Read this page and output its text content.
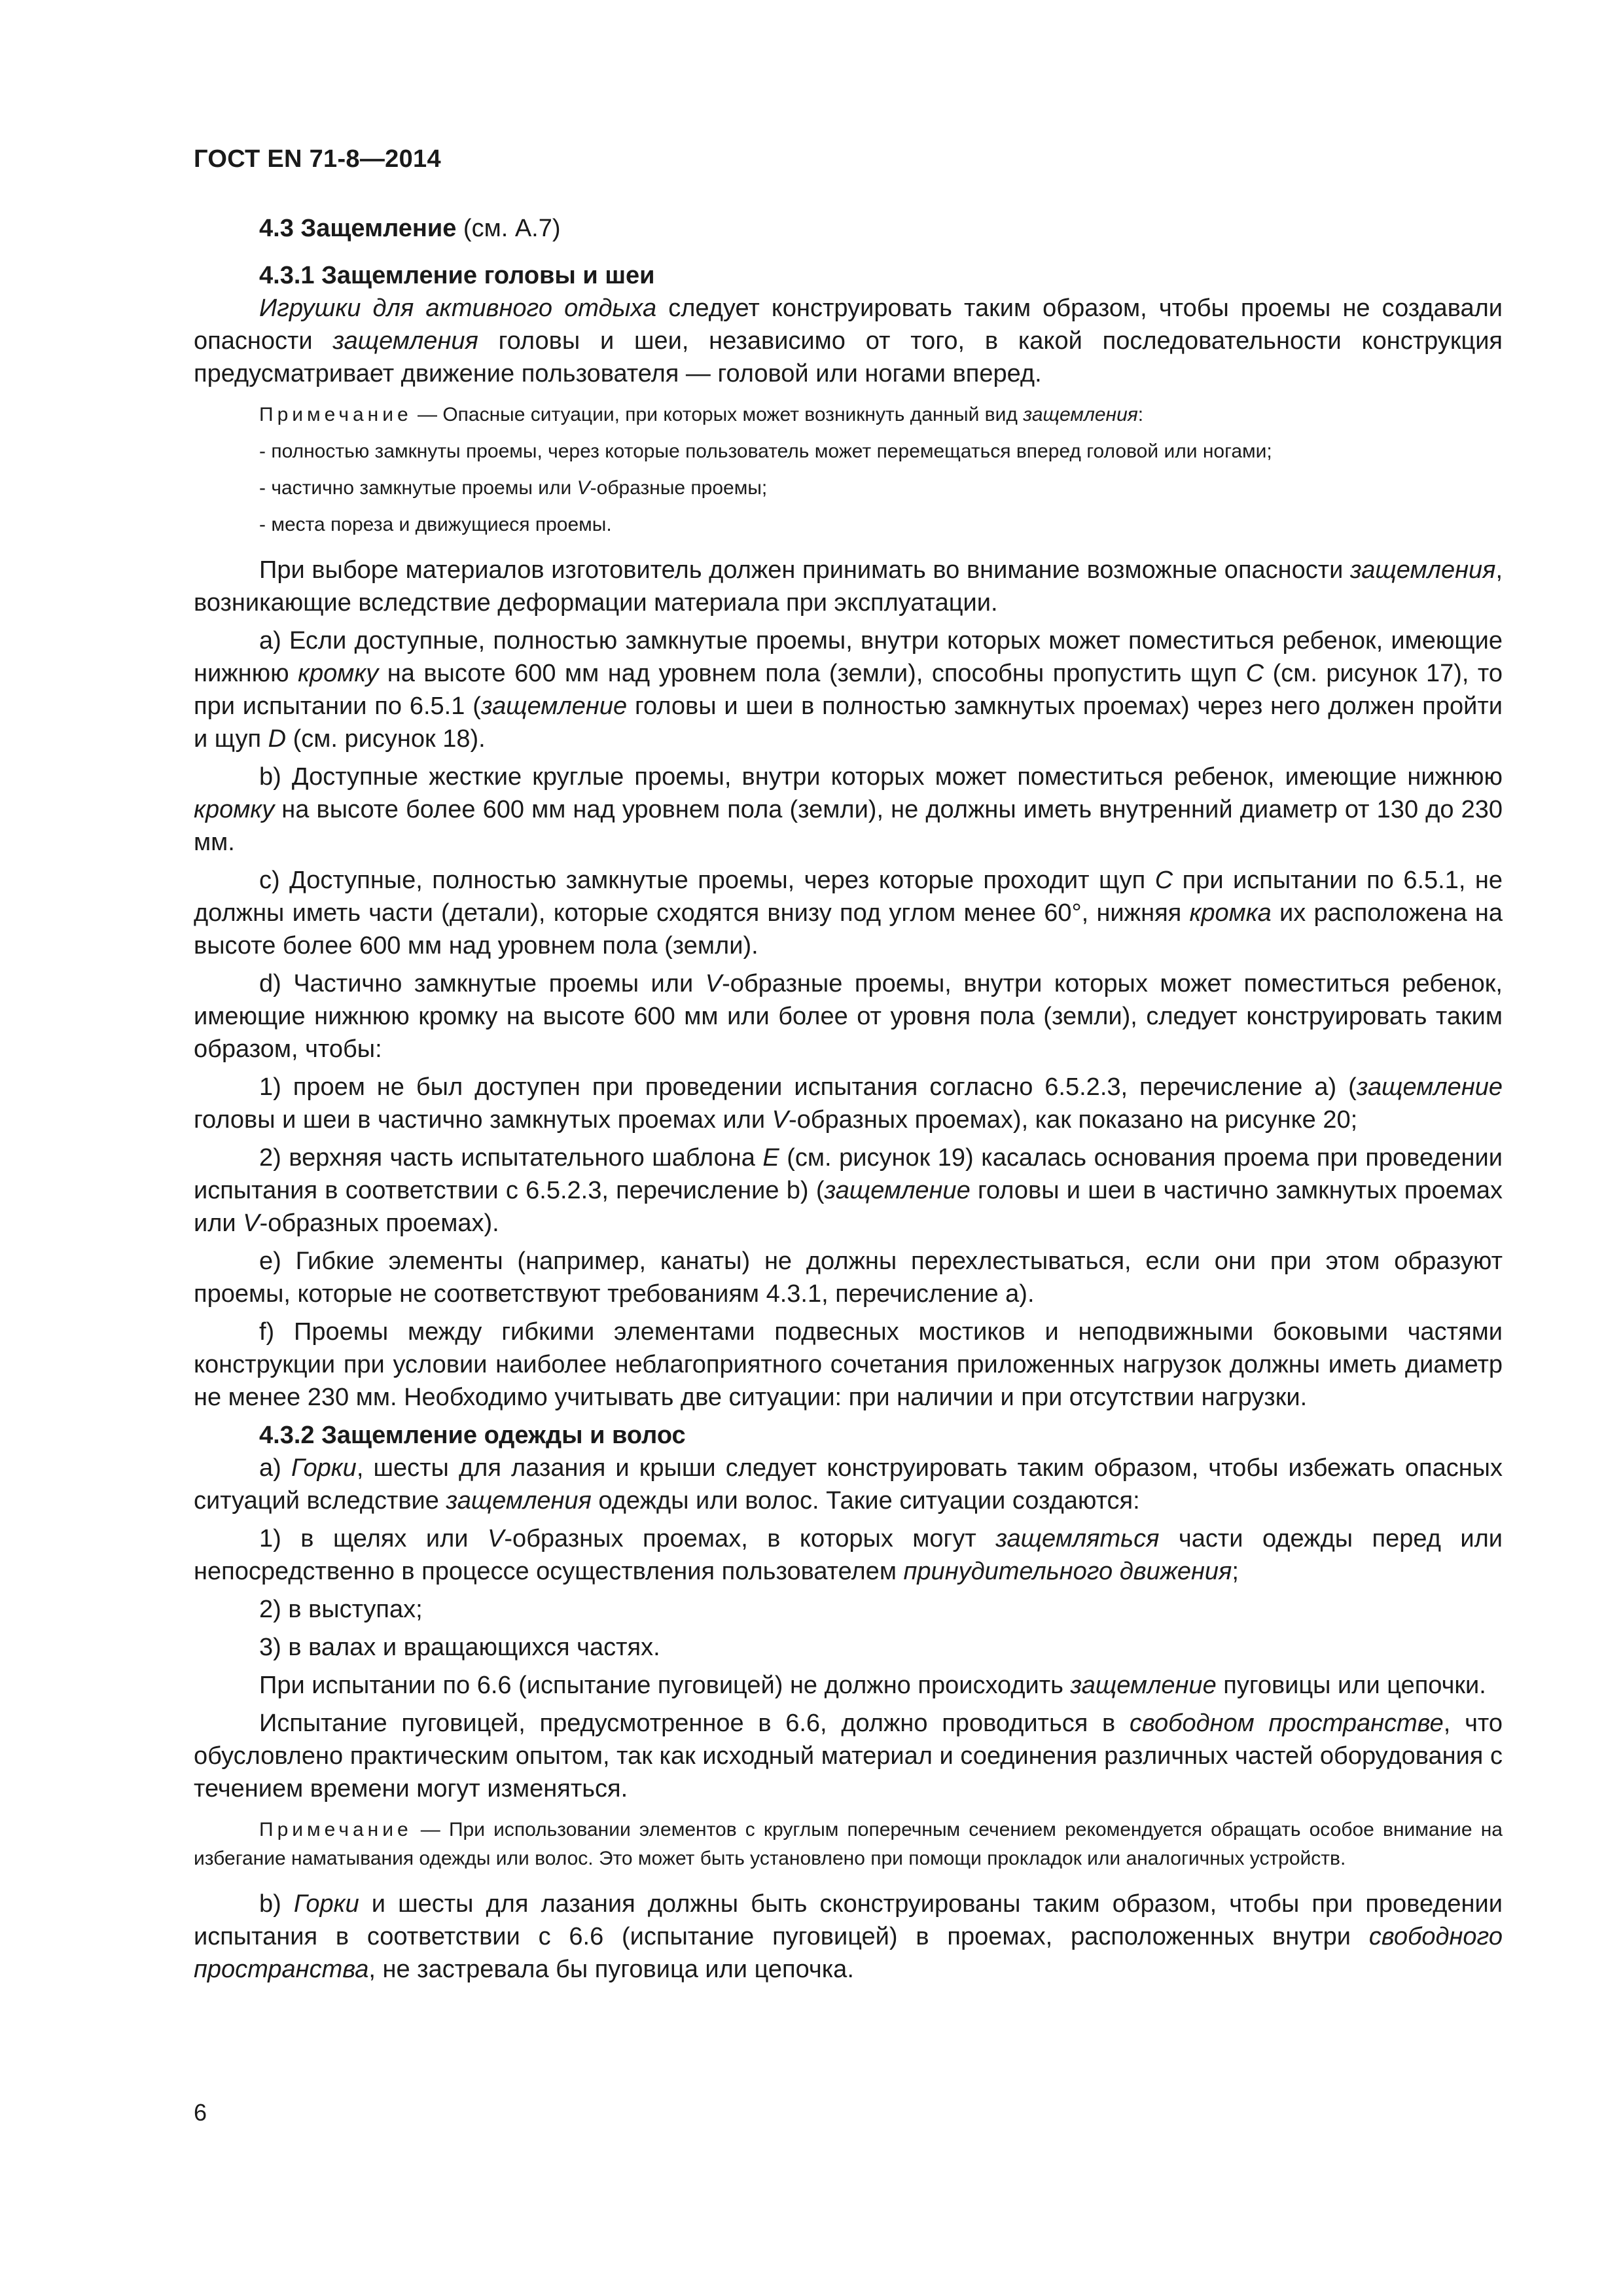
ГОСТ EN 71-8—2014

4.3 Защемление (см. А.7)

4.3.1 Защемление головы и шеи

Игрушки для активного отдыха следует конструировать таким образом, чтобы проемы не создавали опасности защемления головы и шеи, независимо от того, в какой последовательности конструкция предусматривает движение пользователя — головой или ногами вперед.

Примечание — Опасные ситуации, при которых может возникнуть данный вид защемления:

- полностью замкнуты проемы, через которые пользователь может перемещаться вперед головой или ногами;

- частично замкнутые проемы или V-образные проемы;

- места пореза и движущиеся проемы.

При выборе материалов изготовитель должен принимать во внимание возможные опасности защемления, возникающие вследствие деформации материала при эксплуатации.

a) Если доступные, полностью замкнутые проемы, внутри которых может поместиться ребенок, имеющие нижнюю кромку на высоте 600 мм над уровнем пола (земли), способны пропустить щуп С (см. рисунок 17), то при испытании по 6.5.1 (защемление головы и шеи в полностью замкнутых проемах) через него должен пройти и щуп D (см. рисунок 18).

b) Доступные жесткие круглые проемы, внутри которых может поместиться ребенок, имеющие нижнюю кромку на высоте более 600 мм над уровнем пола (земли), не должны иметь внутренний диаметр от 130 до 230 мм.

c) Доступные, полностью замкнутые проемы, через которые проходит щуп С при испытании по 6.5.1, не должны иметь части (детали), которые сходятся внизу под углом менее 60°, нижняя кромка их расположена на высоте более 600 мм над уровнем пола (земли).

d) Частично замкнутые проемы или V-образные проемы, внутри которых может поместиться ребенок, имеющие нижнюю кромку на высоте 600 мм или более от уровня пола (земли), следует конструировать таким образом, чтобы:

1) проем не был доступен при проведении испытания согласно 6.5.2.3, перечисление а) (защемление головы и шеи в частично замкнутых проемах или V-образных проемах), как показано на рисунке 20;

2) верхняя часть испытательного шаблона E (см. рисунок 19) касалась основания проема при проведении испытания в соответствии с 6.5.2.3, перечисление b) (защемление головы и шеи в частично замкнутых проемах или V-образных проемах).

e) Гибкие элементы (например, канаты) не должны перехлестываться, если они при этом образуют проемы, которые не соответствуют требованиям 4.3.1, перечисление а).

f) Проемы между гибкими элементами подвесных мостиков и неподвижными боковыми частями конструкции при условии наиболее неблагоприятного сочетания приложенных нагрузок должны иметь диаметр не менее 230 мм. Необходимо учитывать две ситуации: при наличии и при отсутствии нагрузки.

4.3.2 Защемление одежды и волос

a) Горки, шесты для лазания и крыши следует конструировать таким образом, чтобы избежать опасных ситуаций вследствие защемления одежды или волос. Такие ситуации создаются:

1) в щелях или V-образных проемах, в которых могут защемляться части одежды перед или непосредственно в процессе осуществления пользователем принудительного движения;

2) в выступах;

3) в валах и вращающихся частях.

При испытании по 6.6 (испытание пуговицей) не должно происходить защемление пуговицы или цепочки.

Испытание пуговицей, предусмотренное в 6.6, должно проводиться в свободном пространстве, что обусловлено практическим опытом, так как исходный материал и соединения различных частей оборудования с течением времени могут изменяться.

Примечание — При использовании элементов с круглым поперечным сечением рекомендуется обращать особое внимание на избегание наматывания одежды или волос. Это может быть установлено при помощи прокладок или аналогичных устройств.

b) Горки и шесты для лазания должны быть сконструированы таким образом, чтобы при проведении испытания в соответствии с 6.6 (испытание пуговицей) в проемах, расположенных внутри свободного пространства, не застревала бы пуговица или цепочка.

6
